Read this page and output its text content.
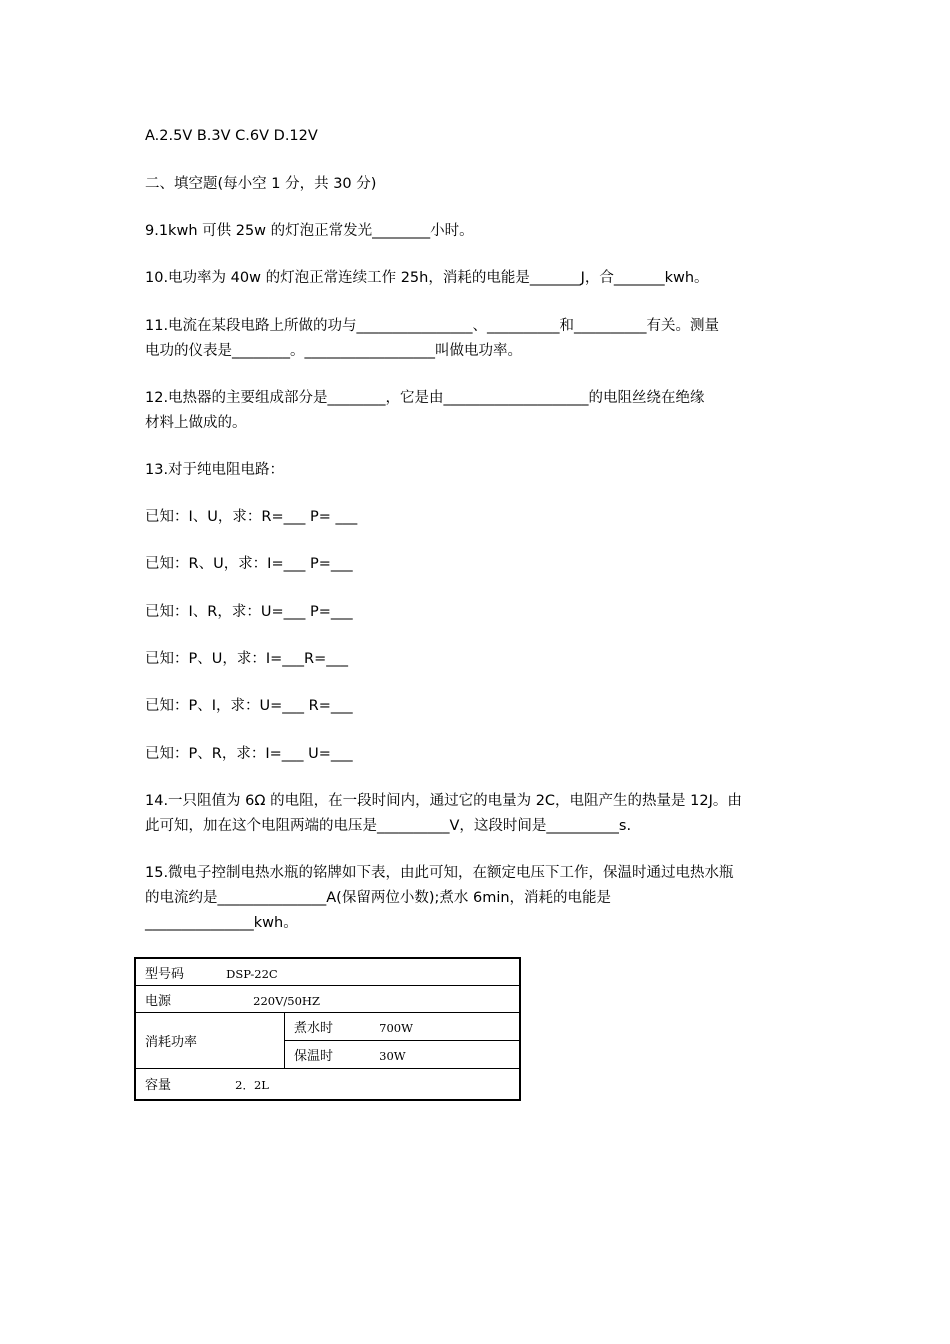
A.2.5V B.3V C.6V D.12V
二、填空题(每小空 1 分，共 30 分)
9.1kwh 可供 25w 的灯泡正常发光________小时。
10.电功率为 40w 的灯泡正常连续工作 25h，消耗的电能是_______J，合_______kwh。
11.电流在某段电路上所做的功与________________、__________和__________有关。测量
电功的仪表是________。__________________叫做电功率。
12.电热器的主要组成部分是________，它是由____________________的电阻丝绕在绝缘
材料上做成的。
13.对于纯电阻电路：
已知：I、U，求：R=___ P= ___
已知：R、U，求：I=___ P=___
已知：I、R，求：U=___ P=___
已知：P、U，求：I=___R=___
已知：P、I，求：U=___ R=___
已知：P、R，求：I=___ U=___
14.一只阻值为 6Ω 的电阻，在一段时间内，通过它的电量为 2C，电阻产生的热量是 12J。由
此可知，加在这个电阻两端的电压是__________V，这段时间是__________s.
15.微电子控制电热水瓶的铭牌如下表，由此可知，在额定电压下工作，保温时通过电热水瓶
的电流约是_______________A(保留两位小数);煮水 6min，消耗的电能是
_______________kwh。
型号码	DSP-22C
电源	220V/50HZ
消耗功率	煮水时	700W
保温时	30W
容量	2．2L
